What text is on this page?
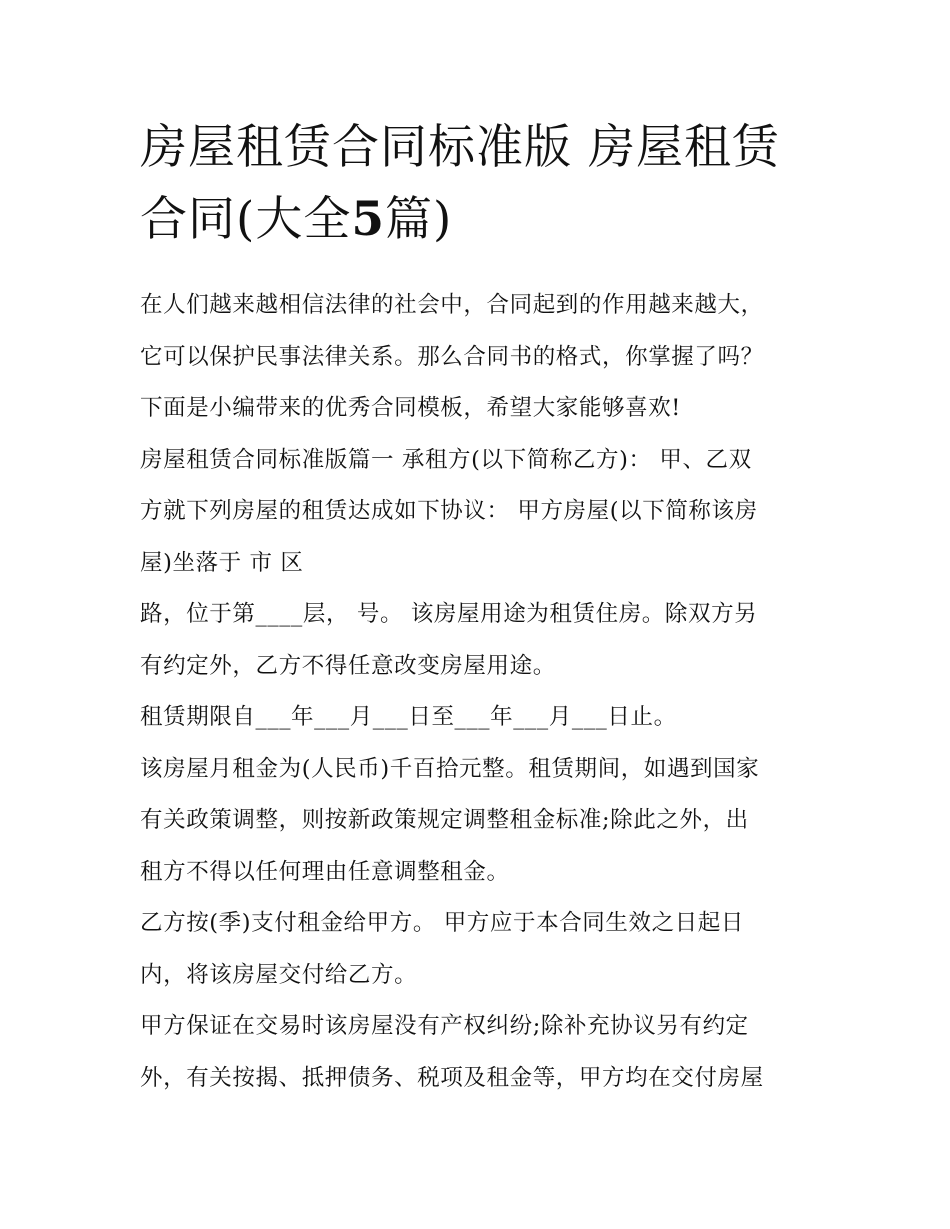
房屋租赁合同标准版 房屋租赁
合同(大全5篇)

在人们越来越相信法律的社会中，合同起到的作用越来越大，
它可以保护民事法律关系。那么合同书的格式，你掌握了吗？
下面是小编带来的优秀合同模板，希望大家能够喜欢!

房屋租赁合同标准版篇一 承租方(以下简称乙方)： 甲、乙双
方就下列房屋的租赁达成如下协议： 甲方房屋(以下简称该房
屋)坐落于 市 区

路，位于第____层， 号。 该房屋用途为租赁住房。除双方另
有约定外，乙方不得任意改变房屋用途。

租赁期限自___年___月___日至___年___月___日止。

该房屋月租金为(人民币)千百拾元整。租赁期间，如遇到国家
有关政策调整，则按新政策规定调整租金标准;除此之外，出
租方不得以任何理由任意调整租金。

乙方按(季)支付租金给甲方。 甲方应于本合同生效之日起日
内，将该房屋交付给乙方。

甲方保证在交易时该房屋没有产权纠纷;除补充协议另有约定
外，有关按揭、抵押债务、税项及租金等，甲方均在交付房屋
